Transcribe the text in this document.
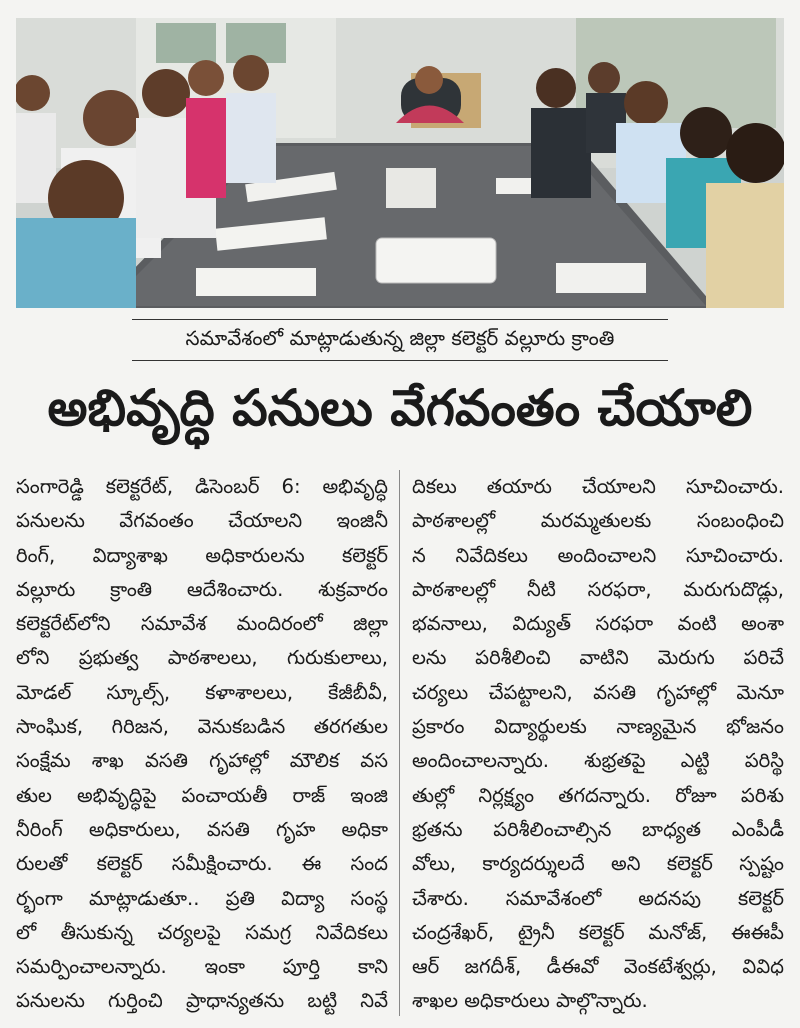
సమావేశంలో మాట్లాడుతున్న జిల్లా కలెక్టర్ వల్లూరు క్రాంతి
అభివృద్ధి పనులు వేగవంతం చేయాలి
సంగారెడ్డి కలెక్టరేట్, డిసెంబర్ 6: అభివృద్ధి
పనులను వేగవంతం చేయాలని ఇంజినీ
రింగ్, విద్యాశాఖ అధికారులను కలెక్టర్
వల్లూరు క్రాంతి ఆదేశించారు. శుక్రవారం
కలెక్టరేట్‌లోని సమావేశ మందిరంలో జిల్లా
లోని ప్రభుత్వ పాఠశాలలు, గురుకులాలు,
మోడల్ స్కూల్స్, కళాశాలలు, కేజీబీవీ,
సాంఘిక, గిరిజన, వెనుకబడిన తరగతుల
సంక్షేమ శాఖ వసతి గృహాల్లో మౌలిక వస
తుల అభివృద్ధిపై పంచాయతీ రాజ్ ఇంజి
నీరింగ్ అధికారులు, వసతి గృహ అధికా
రులతో కలెక్టర్ సమీక్షించారు. ఈ సంద
ర్భంగా మాట్లాడుతూ.. ప్రతి విద్యా సంస్థ
లో తీసుకున్న చర్యలపై సమగ్ర నివేదికలు
సమర్పించాలన్నారు. ఇంకా పూర్తి కాని
పనులను గుర్తించి ప్రాధాన్యతను బట్టి నివే
దికలు తయారు చేయాలని సూచించారు.
పాఠశాలల్లో మరమ్మతులకు సంబంధించి
న నివేదికలు అందించాలని సూచించారు.
పాఠశాలల్లో నీటి సరఫరా, మరుగుదొడ్లు,
భవనాలు, విద్యుత్ సరఫరా వంటి అంశా
లను పరిశీలించి వాటిని మెరుగు పరిచే
చర్యలు చేపట్టాలని, వసతి గృహాల్లో మెనూ
ప్రకారం విద్యార్థులకు నాణ్యమైన భోజనం
అందించాలన్నారు. శుభ్రతపై ఎట్టి పరిస్థి
తుల్లో నిర్లక్ష్యం తగదన్నారు. రోజూ పరిశు
భ్రతను పరిశీలించాల్సిన బాధ్యత ఎంపీడీ
వోలు, కార్యదర్శులదే అని కలెక్టర్ స్పష్టం
చేశారు. సమావేశంలో అదనపు కలెక్టర్
చంద్రశేఖర్, ట్రైనీ కలెక్టర్ మనోజ్, ఈఈపీ
ఆర్ జగదీశ్, డీఈవో వెంకటేశ్వర్లు, వివిధ
శాఖల అధికారులు పాల్గొన్నారు.
